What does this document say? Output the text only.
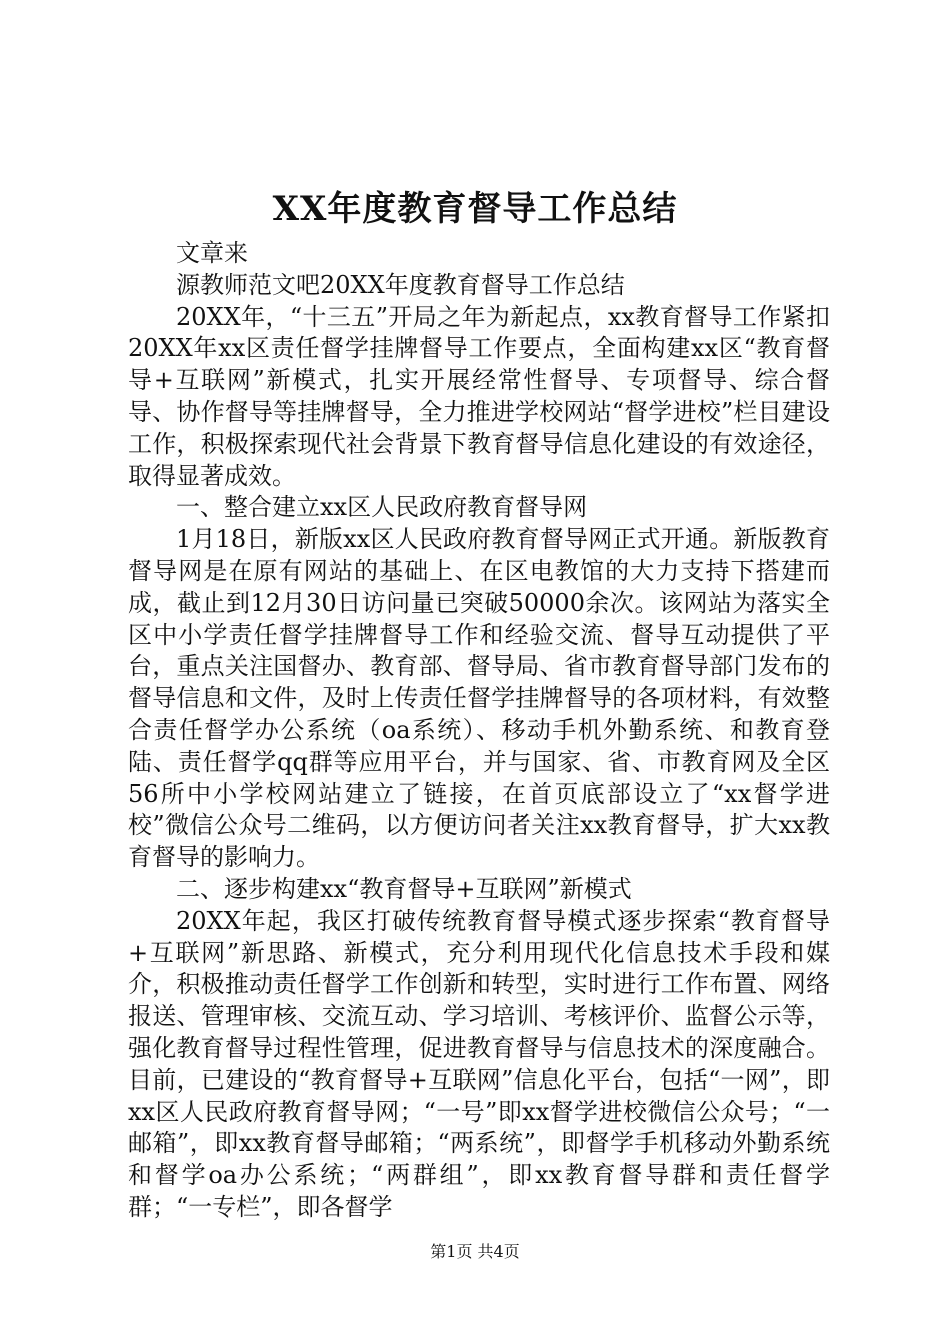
XX年度教育督导工作总结

文章来

源教师范文吧20XX年度教育督导工作总结

20XX年，“十三五”开局之年为新起点，xx教育督导工作紧扣20XX年xx区责任督学挂牌督导工作要点，全面构建xx区“教育督导+互联网”新模式，扎实开展经常性督导、专项督导、综合督导、协作督导等挂牌督导，全力推进学校网站“督学进校”栏目建设工作，积极探索现代社会背景下教育督导信息化建设的有效途径，取得显著成效。

一、整合建立xx区人民政府教育督导网

1月18日，新版xx区人民政府教育督导网正式开通。新版教育督导网是在原有网站的基础上、在区电教馆的大力支持下搭建而成，截止到12月30日访问量已突破50000余次。该网站为落实全区中小学责任督学挂牌督导工作和经验交流、督导互动提供了平台，重点关注国督办、教育部、督导局、省市教育督导部门发布的督导信息和文件，及时上传责任督学挂牌督导的各项材料，有效整合责任督学办公系统（oa系统）、移动手机外勤系统、和教育登陆、责任督学qq群等应用平台，并与国家、省、市教育网及全区56所中小学校网站建立了链接，在首页底部设立了“xx督学进校”微信公众号二维码，以方便访问者关注xx教育督导，扩大xx教育督导的影响力。

二、逐步构建xx“教育督导+互联网”新模式

20XX年起，我区打破传统教育督导模式逐步探索“教育督导+互联网”新思路、新模式，充分利用现代化信息技术手段和媒介，积极推动责任督学工作创新和转型，实时进行工作布置、网络报送、管理审核、交流互动、学习培训、考核评价、监督公示等，强化教育督导过程性管理，促进教育督导与信息技术的深度融合。目前，已建设的“教育督导+互联网”信息化平台，包括“一网”，即xx区人民政府教育督导网；“一号”即xx督学进校微信公众号；“一邮箱”，即xx教育督导邮箱；“两系统”，即督学手机移动外勤系统和督学oa办公系统；“两群组”，即xx教育督导群和责任督学群；“一专栏”，即各督学

第1页 共4页
